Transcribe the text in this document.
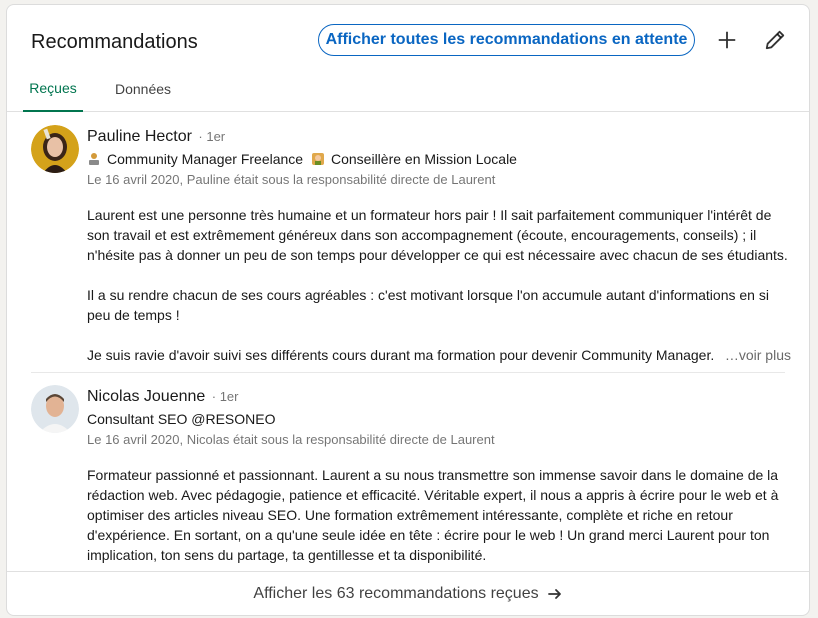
Recommandations	Afficher toutes les recommandations en attente
Reçues	Données
Pauline Hector · 1er
Community Manager Freelance Conseillère en Mission Locale
Le 16 avril 2020, Pauline était sous la responsabilité directe de Laurent

Laurent est une personne très humaine et un formateur hors pair ! Il sait parfaitement communiquer l'intérêt de son travail et est extrêmement généreux dans son accompagnement (écoute, encouragements, conseils) ; il n'hésite pas à donner un peu de son temps pour développer ce qui est nécessaire avec chacun de ses étudiants.

Il a su rendre chacun de ses cours agréables : c'est motivant lorsque l'on accumule autant d'informations en si peu de temps !

Je suis ravie d'avoir suivi ses différents cours durant ma formation pour devenir Community Manager. …voir plus
Nicolas Jouenne · 1er
Consultant SEO @RESONEO
Le 16 avril 2020, Nicolas était sous la responsabilité directe de Laurent

Formateur passionné et passionnant. Laurent a su nous transmettre son immense savoir dans le domaine de la rédaction web. Avec pédagogie, patience et efficacité. Véritable expert, il nous a appris à écrire pour le web et à optimiser des articles niveau SEO. Une formation extrêmement intéressante, complète et riche en retour d'expérience. En sortant, on a qu'une seule idée en tête : écrire pour le web ! Un grand merci Laurent pour ton implication, ton sens du partage, ta gentillesse et ta disponibilité.

Afficher les 63 recommandations reçues
